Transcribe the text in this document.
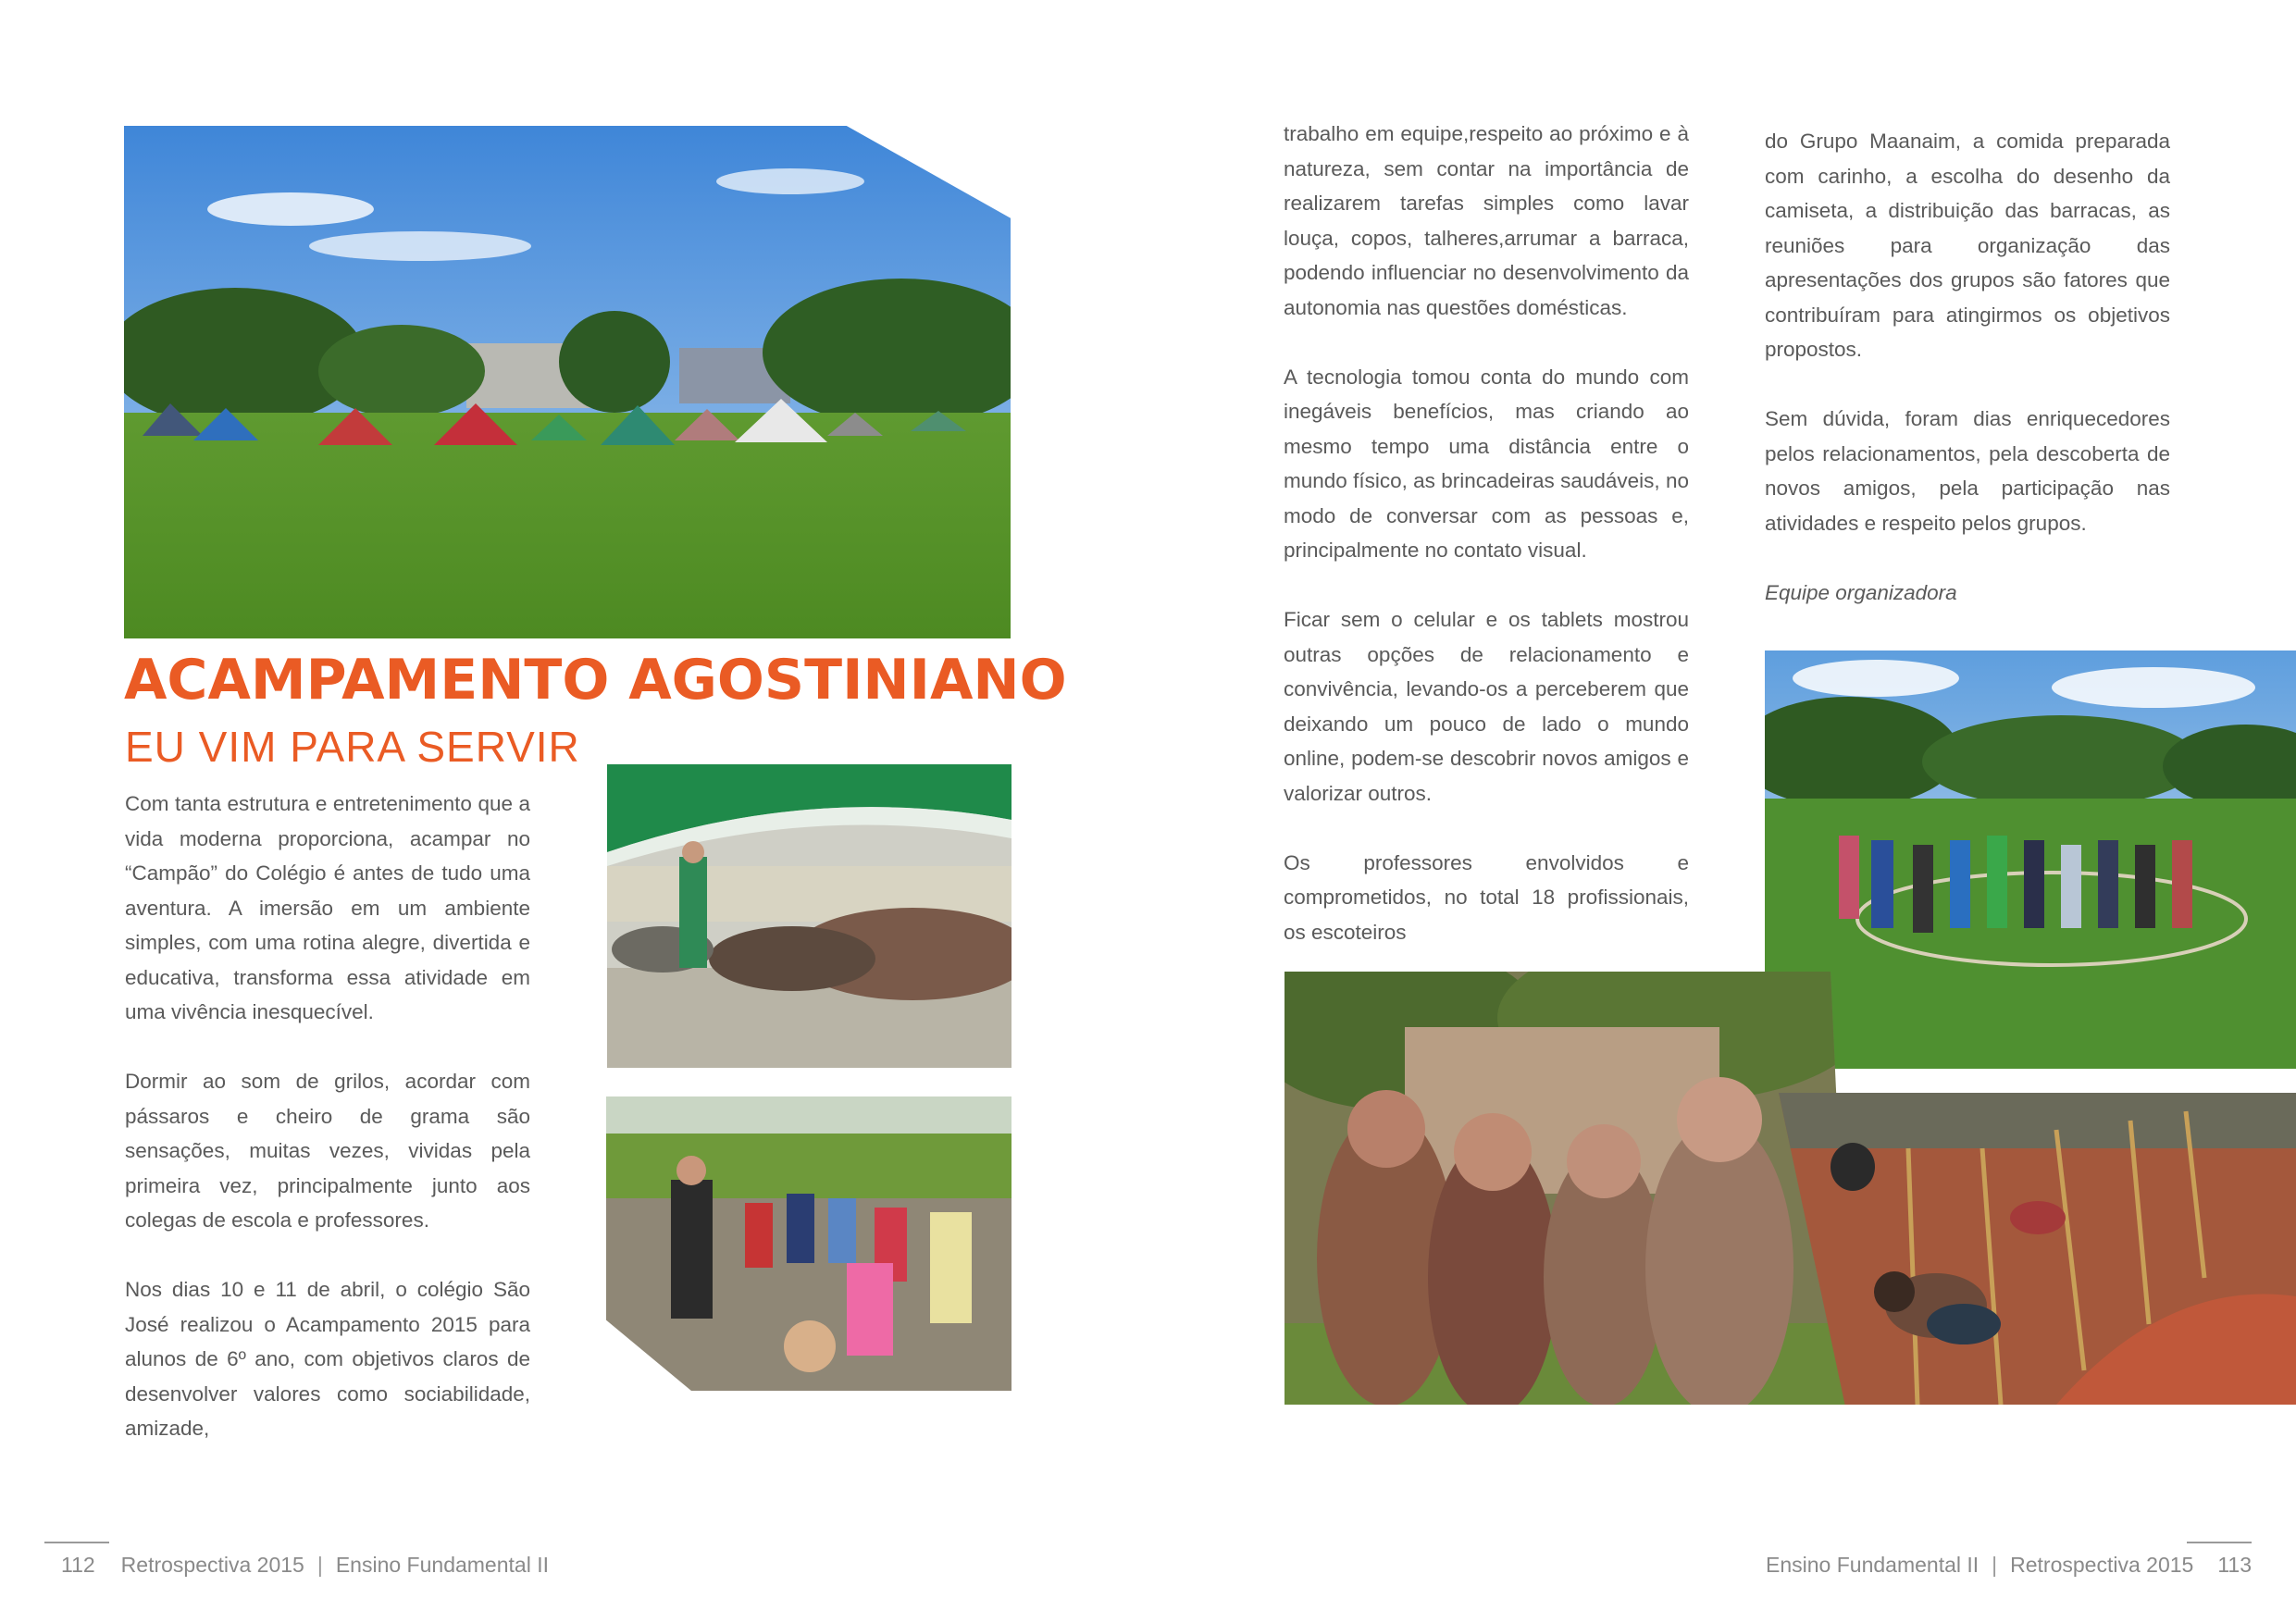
ACAMPAMENTO AGOSTINIANO
EU VIM PARA SERVIR

Com tanta estrutura e entretenimento que a vida moderna proporciona, acampar no “Campão” do Colégio é antes de tudo uma aventura. A imersão em um ambiente simples, com uma rotina alegre, divertida e educativa, transforma essa atividade em uma vivência inesquecível.

Dormir ao som de grilos, acordar com pássaros e cheiro de grama são sensações, muitas vezes, vividas pela primeira vez, principalmente junto aos colegas de escola e professores.

Nos dias 10 e 11 de abril, o colégio São José realizou o Acampamento 2015 para alunos de 6º ano, com objetivos claros de desenvolver valores como sociabilidade, amizade,

112 Retrospectiva 2015 | Ensino Fundamental II

trabalho em equipe,respeito ao próximo e à natureza, sem contar na importância de realizarem tarefas simples como lavar louça, copos, talheres,arrumar a barraca, podendo influenciar no desenvolvimento da autonomia nas questões domésticas.

A tecnologia tomou conta do mundo com inegáveis benefícios, mas criando ao mesmo tempo uma distância entre o mundo físico, as brincadeiras saudáveis, no modo de conversar com as pessoas e, principalmente no contato visual.

Ficar sem o celular e os tablets mostrou outras opções de relacionamento e convivência, levando-os a perceberem que deixando um pouco de lado o mundo online, podem-se descobrir novos amigos e valorizar outros.

Os professores envolvidos e comprometidos, no total 18 profissionais, os escoteiros

do Grupo Maanaim, a comida preparada com carinho, a escolha do desenho da camiseta, a distribuição das barracas, as reuniões para organização das apresentações dos grupos são fatores que contribuíram para atingirmos os objetivos propostos.

Sem dúvida, foram dias enriquecedores pelos relacionamentos, pela descoberta de novos amigos, pela participação nas atividades e respeito pelos grupos.

Equipe organizadora

Ensino Fundamental II | Retrospectiva 2015 113
